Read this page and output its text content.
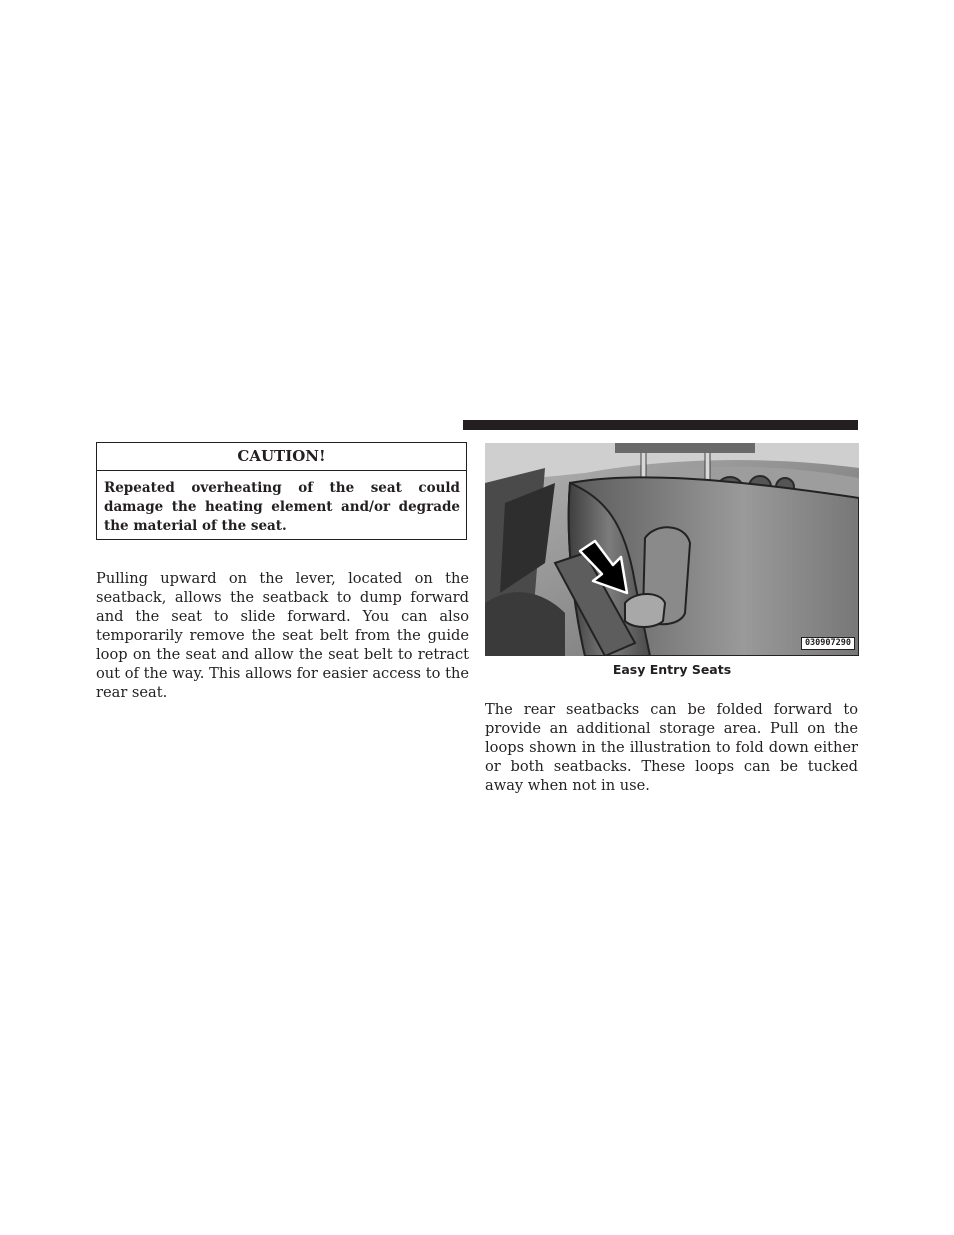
CAUTION!
Repeated overheating of the seat could damage the heating element and/or degrade the material of the seat.

Pulling upward on the lever, located on the seatback, allows the seatback to dump forward and the seat to slide forward. You can also temporarily remove the seat belt from the guide loop on the seat and allow the seat belt to retract out of the way. This allows for easier access to the rear seat.

030907290
Easy Entry Seats

The rear seatbacks can be folded forward to provide an additional storage area. Pull on the loops shown in the illustration to fold down either or both seatbacks. These loops can be tucked away when not in use.
